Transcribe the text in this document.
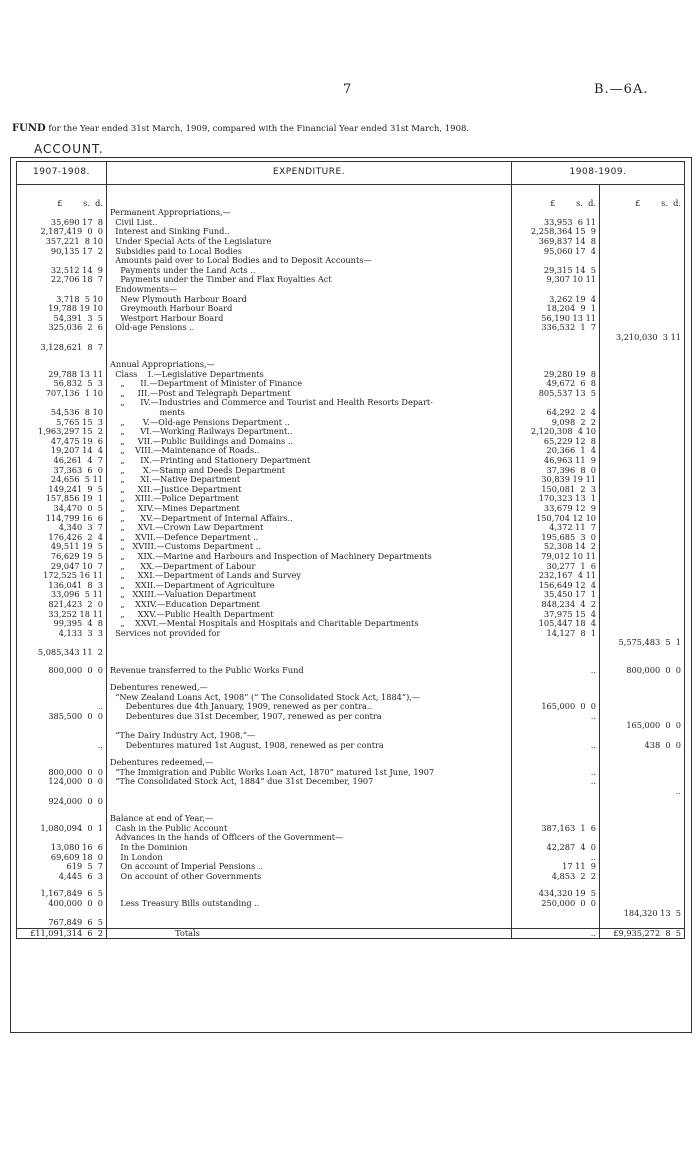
7	B.—6A.
FUND for the Year ended 31st March, 1909, compared with the Financial Year ended 31st March, 1908.
ACCOUNT.
1907-1908.	EXPENDITURE.	1908-1909.	
£        s.  d.		£        s.  d.	£        s.  d.
	Permanent Appropriations,—		
35,690 17  8	Civil List..	33,953  6 11	
2,187,419  0  0	Interest and Sinking Fund..	2,258,364 15  9	
357,221  8 10	Under Special Acts of the Legislature	369,837 14  8	
90,135 17  2	Subsidies paid to Local Bodies	95,060 17  4	
	Amounts paid over to Local Bodies and to Deposit Accounts—		
32,512 14  9	Payments under the Land Acts ..	29,315 14  5	
22,706 18  7	Payments under the Timber and Flax Royalties Act	9,307 10 11	
	Endowments—		
3,718  5 10	New Plymouth Harbour Board	3,262 19  4	
19,788 19 10	Greymouth Harbour Board	18,204  9  1	
54,391  3  5	Westport Harbour Board	56,190 13 11	
325,036  2  6	Old-age Pensions ..	336,532  1  7	
			3,210,030  3 11
3,128,621  8  7			

	Annual Appropriations,—		
29,788 13 11	Class    I.—Legislative Departments	29,280 19  8	
56,832  5  3	„      II.—Department of Minister of Finance	49,672  6  8	
707,136  1 10	„     III.—Post and Telegraph Department	805,537 13  5	
	„      IV.—Industries and Commerce and Tourist and Health Resorts Depart-		
54,536  8 10	ments	64,292  2  4	
5,765 15  3	„       V.—Old-age Pensions Department ..	9,098  2  2	
1,963,297 15  2	„      VI.—Working Railways Department..	2,120,308  4 10	
47,475 19  6	„     VII.—Public Buildings and Domains ..	65,229 12  8	
19,207 14  4	„    VIII.—Maintenance of Roads..	20,366  1  4	
46,261  4  7	„      IX.—Printing and Stationery Department	46,963 11  9	
37,363  6  0	„       X.—Stamp and Deeds Department	37,396  8  0	
24,656  5 11	„      XI.—Native Department	30,839 19 11	
149,241  9  5	„     XII.—Justice Department	150,081  2  3	
157,856 19  1	„    XIII.—Police Department	170,323 13  1	
34,470  0  5	„     XIV.—Mines Department	33,679 12  9	
114,799 16  6	„      XV.—Department of Internal Affairs..	150,704 12 10	
4,340  3  7	„     XVI.—Crown Law Department	4,372 11  7	
176,426  2  4	„    XVII.—Defence Department ..	195,685  3  0	
49,511 19  5	„   XVIII.—Customs Department ..	52,308 14  2	
76,629 19  5	„     XIX.—Marine and Harbours and Inspection of Machinery Departments	79,012 10 11	
29,047 10  7	„      XX.—Department of Labour	30,277  1  6	
172,525 16 11	„     XXI.—Department of Lands and Survey	232,167  4 11	
136,041  8  3	„    XXII.—Department of Agriculture	156,649 12  4	
33,096  5 11	„   XXIII.—Valuation Department	35,450 17  1	
821,423  2  0	„    XXIV.—Education Department	848,234  4  2	
33,252 18 11	„     XXV.—Public Health Department	37,975 15  4	
99,395  4  8	„    XXVI.—Mental Hospitals and Hospitals and Charitable Departments	105,447 18  4	
4,133  3  3	Services not provided for	14,127  8  1	
			5,575,483  5  1
5,085,343 11  2			

800,000  0  0	Revenue transferred to the Public Works Fund	..	800,000  0  0

	Debentures renewed,—		
	“New Zealand Loans Act, 1908” (“ The Consolidated Stock Act, 1884”),—		
..	Debentures due 4th January, 1909, renewed as per contra..	165,000  0  0	
385,500  0  0	Debentures due 31st December, 1907, renewed as per contra	..	
			165,000  0  0
	“The Dairy Industry Act, 1908,”—		
..	Debentures matured 1st August, 1908, renewed as per contra	..	438  0  0

	Debentures redeemed,—		
800,000  0  0	“The Immigration and Public Works Loan Act, 1870” matured 1st June, 1907	..	
124,000  0  0	“The Consolidated Stock Act, 1884” due 31st December, 1907	..	
			..
924,000  0  0			

	Balance at end of Year,—		
1,080,094  0  1	Cash in the Public Account	387,163  1  6	
	Advances in the hands of Officers of the Government—		
13,080 16  6	In the Dominion	42,287  4  0	
69,609 18  0	In London	..	
619  5  7	On account of Imperial Pensions ..	17 11  9	
4,445  6  3	On account of other Governments	4,853  2  2	

1,167,849  6  5		434,320 19  5	
400,000  0  0	Less Treasury Bills outstanding ..	250,000  0  0	
			184,320 13  5
767,849  6  5			
£11,091,314  6  2	Totals	..	£9,935,272  8  5
